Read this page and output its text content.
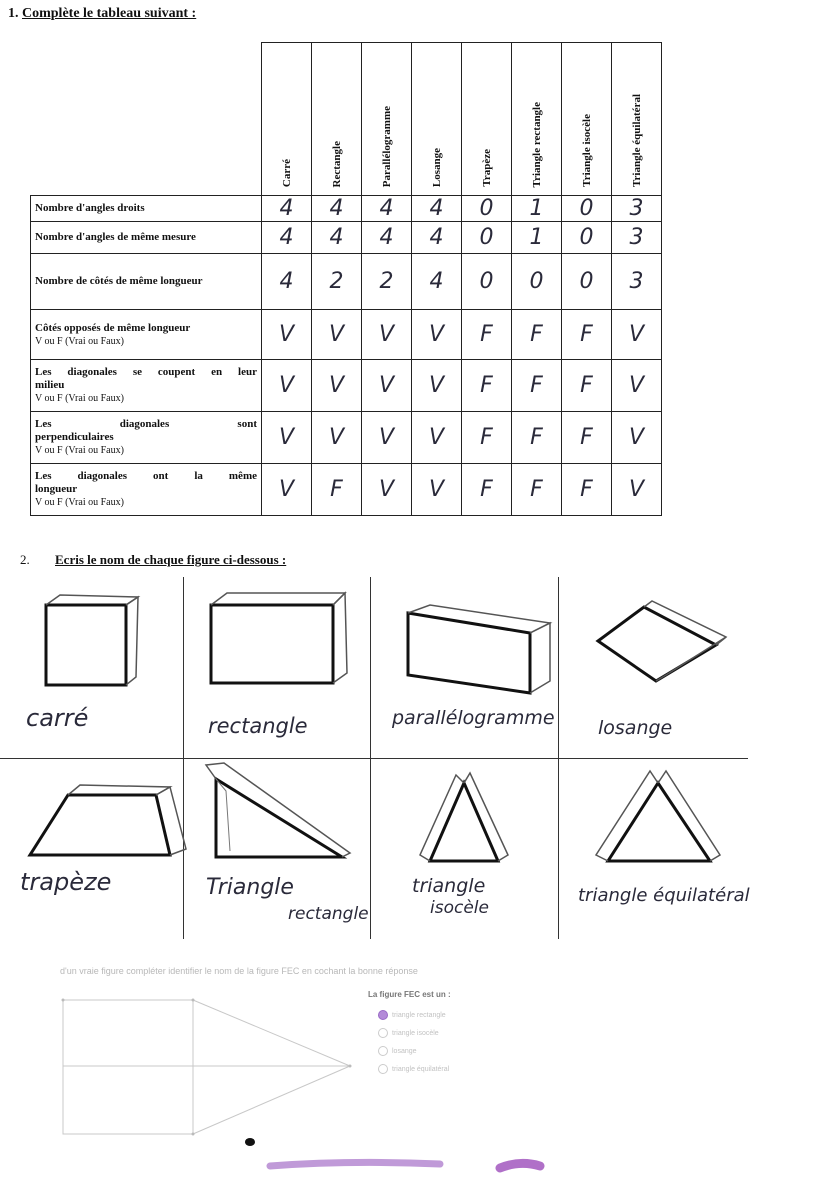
1. Complète le tableau suivant :

	Carré	Rectangle	Parallélogramme	Losange	Trapèze	Triangle rectangle	Triangle isocèle	Triangle équilatéral

Nombre d'angles droits	4	4	4	4	0	1	0	3
Nombre d'angles de même mesure	4	4	4	4	0	1	0	3
Nombre de côtés de même longueur	4	2	2	4	0	0	0	3
Côtés opposés de même longueur
V ou F (Vrai ou Faux)	V	V	V	V	F	F	F	V

Les diagonales se coupent en leur
milieu
V ou F (Vrai ou Faux)	V	V	V	V	F	F	F	V

Les diagonales sont
perpendiculaires
V ou F (Vrai ou Faux)	V	V	V	V	F	F	F	V

Les diagonales ont la même
longueur
V ou F (Vrai ou Faux)	V	F	V	V	F	F	F	V
2. Ecris le nom de chaque figure ci-dessous :
carré	rectangle	parallélogramme losange
trapèze	Triangle
rectangle
triangle
isocèle
triangle équilatéral
d'un vraie figure compléter identifier le nom de la figure FEC en cochant la bonne réponse
La figure FEC est un :
triangle rectangle
triangle isocèle
losange
triangle équilatéral
